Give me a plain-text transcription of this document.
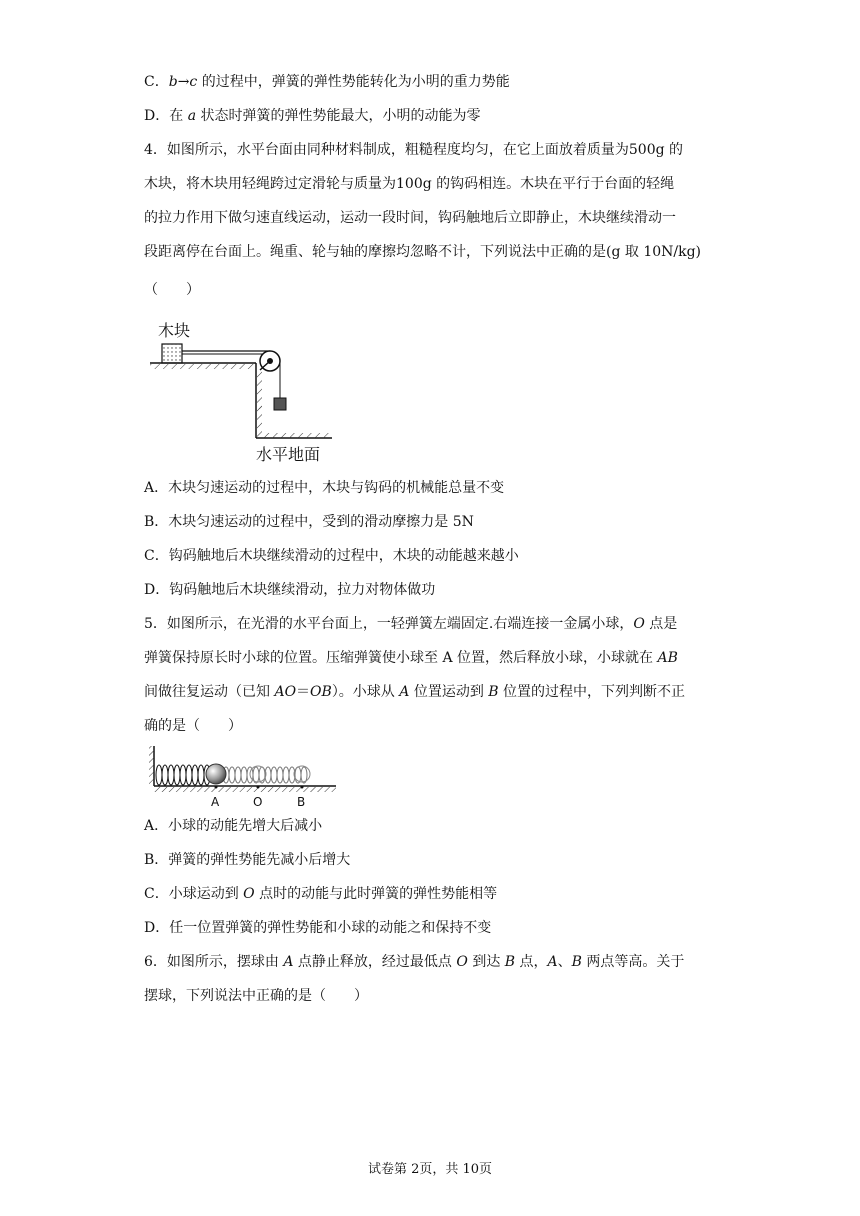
C．b→c 的过程中，弹簧的弹性势能转化为小明的重力势能
D．在 a 状态时弹簧的弹性势能最大，小明的动能为零
4．如图所示，水平台面由同种材料制成，粗糙程度均匀，在它上面放着质量为500g 的
木块，将木块用轻绳跨过定滑轮与质量为100g 的钩码相连。木块在平行于台面的轻绳
的拉力作用下做匀速直线运动，运动一段时间，钩码触地后立即静止，木块继续滑动一
段距离停在台面上。绳重、轮与轴的摩擦均忽略不计，下列说法中正确的是(g 取 10N/kg)
（　　）
木块
水平地面
A．木块匀速运动的过程中，木块与钩码的机械能总量不变
B．木块匀速运动的过程中，受到的滑动摩擦力是 5N
C．钩码触地后木块继续滑动的过程中，木块的动能越来越小
D．钩码触地后木块继续滑动，拉力对物体做功
5．如图所示，在光滑的水平台面上，一轻弹簧左端固定.右端连接一金属小球，O 点是
弹簧保持原长时小球的位置。压缩弹簧使小球至 A 位置，然后释放小球，小球就在 AB
间做往复运动（已知 AO＝OB）。小球从 A 位置运动到 B 位置的过程中，下列判断不正
确的是（　　）
A	O	B
A．小球的动能先增大后减小
B．弹簧的弹性势能先减小后增大
C．小球运动到 O 点时的动能与此时弹簧的弹性势能相等
D．任一位置弹簧的弹性势能和小球的动能之和保持不变
6．如图所示，摆球由 A 点静止释放，经过最低点 O 到达 B 点，A、B 两点等高。关于
摆球，下列说法中正确的是（　　）
试卷第 2页，共 10页
